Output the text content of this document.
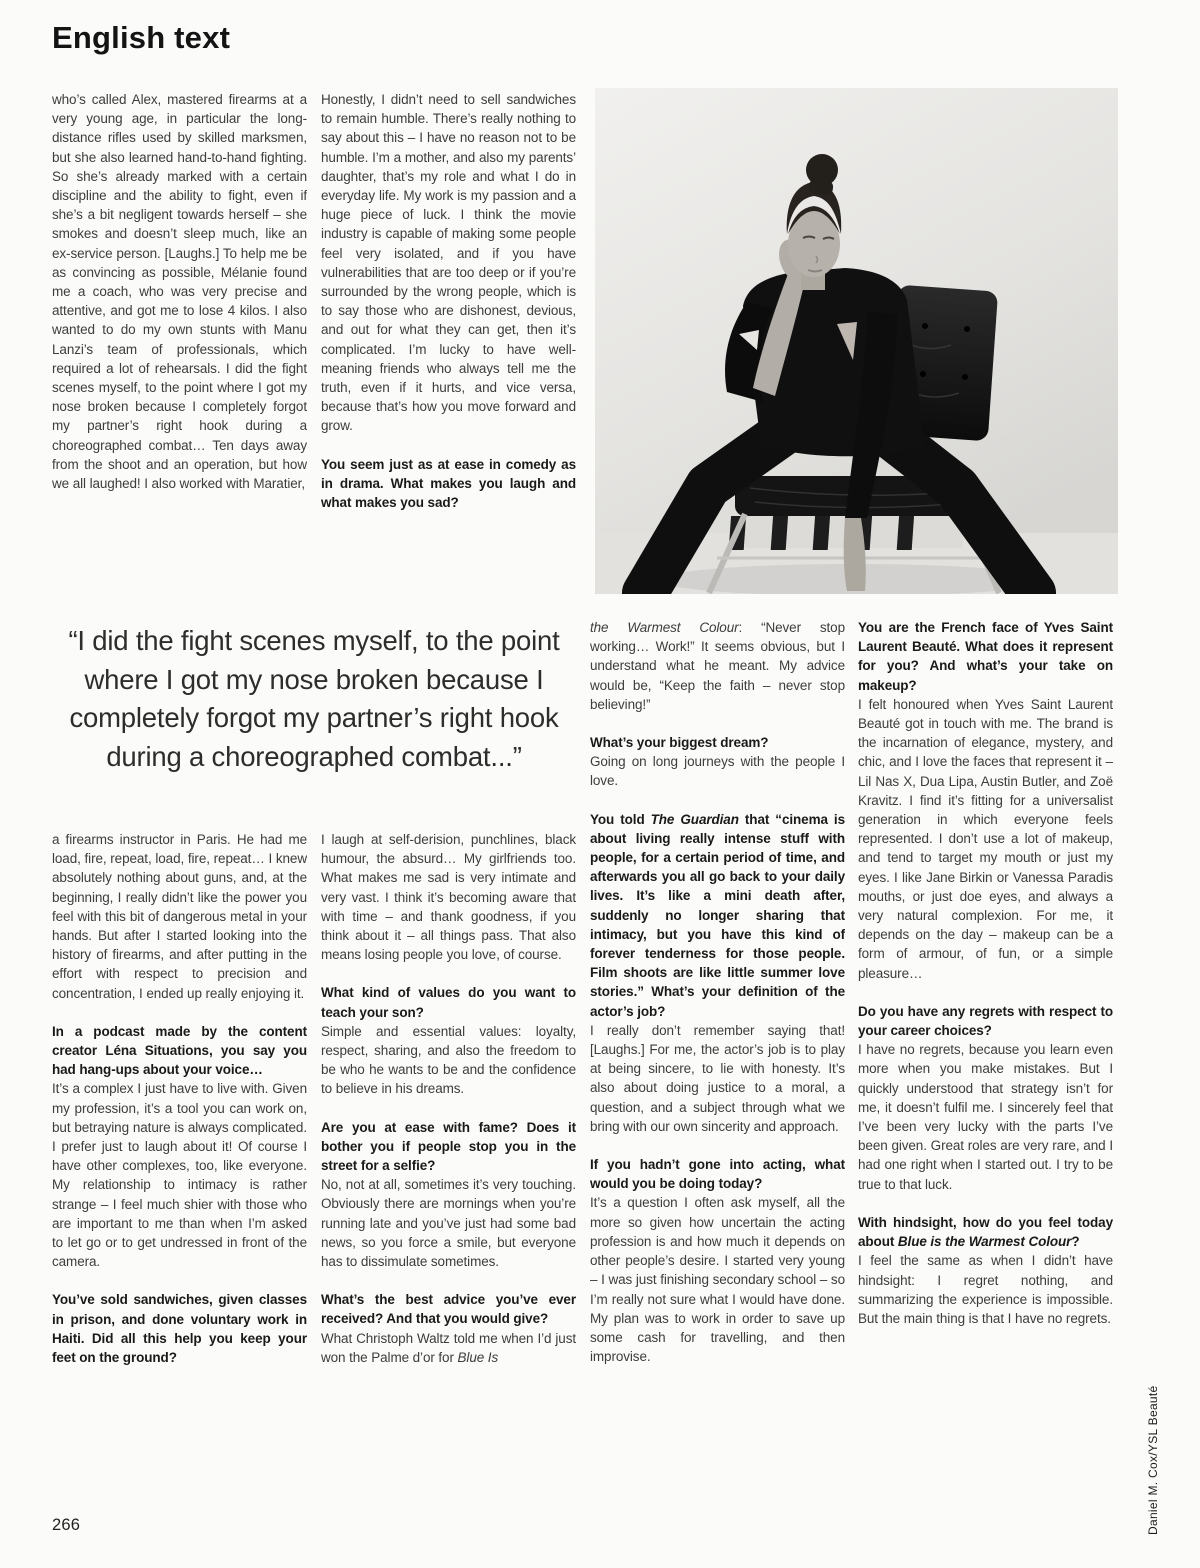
English text

who’s called Alex, mastered firearms at a very young age, in particular the long-distance rifles used by skilled marksmen, but she also learned hand-to-hand fighting. So she’s already marked with a certain discipline and the ability to fight, even if she’s a bit negligent towards herself – she smokes and doesn’t sleep much, like an ex-service person. [Laughs.] To help me be as convincing as possible, Mélanie found me a coach, who was very precise and attentive, and got me to lose 4 kilos. I also wanted to do my own stunts with Manu Lanzi’s team of professionals, which required a lot of rehearsals. I did the fight scenes myself, to the point where I got my nose broken because I completely forgot my partner’s right hook during a choreographed combat… Ten days away from the shoot and an operation, but how we all laughed! I also worked with Maratier,

Honestly, I didn’t need to sell sandwiches to remain humble. There’s really nothing to say about this – I have no reason not to be humble. I’m a mother, and also my parents’ daughter, that’s my role and what I do in everyday life. My work is my passion and a huge piece of luck. I think the movie industry is capable of making some people feel very isolated, and if you have vulnerabilities that are too deep or if you’re surrounded by the wrong people, which is to say those who are dishonest, devious, and out for what they can get, then it’s complicated. I’m lucky to have well-meaning friends who always tell me the truth, even if it hurts, and vice versa, because that’s how you move forward and grow.

You seem just as at ease in comedy as in drama. What makes you laugh and what makes you sad?

“I did the fight scenes myself, to the point where I got my nose broken because I completely forgot my partner’s right hook during a choreographed combat...”

a firearms instructor in Paris. He had me load, fire, repeat, load, fire, repeat… I knew absolutely nothing about guns, and, at the beginning, I really didn’t like the power you feel with this bit of dangerous metal in your hands. But after I started looking into the history of firearms, and after putting in the effort with respect to precision and concentration, I ended up really enjoying it.

In a podcast made by the content creator Léna Situations, you say you had hang-ups about your voice…

It’s a complex I just have to live with. Given my profession, it’s a tool you can work on, but betraying nature is always complicated. I prefer just to laugh about it! Of course I have other complexes, too, like everyone. My relationship to intimacy is rather strange – I feel much shier with those who are important to me than when I’m asked to let go or to get undressed in front of the camera.

You’ve sold sandwiches, given classes in prison, and done voluntary work in Haiti. Did all this help you keep your feet on the ground?

I laugh at self-derision, punchlines, black humour, the absurd… My girlfriends too. What makes me sad is very intimate and very vast. I think it’s becoming aware that with time – and thank goodness, if you think about it – all things pass. That also means losing people you love, of course.

What kind of values do you want to teach your son?

Simple and essential values: loyalty, respect, sharing, and also the freedom to be who he wants to be and the confidence to believe in his dreams.

Are you at ease with fame? Does it bother you if people stop you in the street for a selfie?

No, not at all, sometimes it’s very touching. Obviously there are mornings when you’re running late and you’ve just had some bad news, so you force a smile, but everyone has to dissimulate sometimes.

What’s the best advice you’ve ever received? And that you would give?

What Christoph Waltz told me when I’d just won the Palme d’or for Blue Is

the Warmest Colour: “Never stop working… Work!” It seems obvious, but I understand what he meant. My advice would be, “Keep the faith – never stop believing!”

What’s your biggest dream?

Going on long journeys with the people I love.

You told The Guardian that “cinema is about living really intense stuff with people, for a certain period of time, and afterwards you all go back to your daily lives. It’s like a mini death after, suddenly no longer sharing that intimacy, but you have this kind of forever tenderness for those people. Film shoots are like little summer love stories.” What’s your definition of the actor’s job?

I really don’t remember saying that! [Laughs.] For me, the actor’s job is to play at being sincere, to lie with honesty. It’s also about doing justice to a moral, a question, and a subject through what we bring with our own sincerity and approach.

If you hadn’t gone into acting, what would you be doing today?

It’s a question I often ask myself, all the more so given how uncertain the acting profession is and how much it depends on other people’s desire. I started very young – I was just finishing secondary school – so I’m really not sure what I would have done. My plan was to work in order to save up some cash for travelling, and then improvise.

You are the French face of Yves Saint Laurent Beauté. What does it represent for you? And what’s your take on makeup?

I felt honoured when Yves Saint Laurent Beauté got in touch with me. The brand is the incarnation of elegance, mystery, and chic, and I love the faces that represent it – Lil Nas X, Dua Lipa, Austin Butler, and Zoë Kravitz. I find it’s fitting for a universalist generation in which everyone feels represented. I don’t use a lot of makeup, and tend to target my mouth or just my eyes. I like Jane Birkin or Vanessa Paradis mouths, or just doe eyes, and always a very natural complexion. For me, it depends on the day – makeup can be a form of armour, of fun, or a simple pleasure…

Do you have any regrets with respect to your career choices?

I have no regrets, because you learn even more when you make mistakes. But I quickly understood that strategy isn’t for me, it doesn’t fulfil me. I sincerely feel that I’ve been very lucky with the parts I’ve been given. Great roles are very rare, and I had one right when I started out. I try to be true to that luck.

With hindsight, how do you feel today about Blue is the Warmest Colour?

I feel the same as when I didn’t have hindsight: I regret nothing, and summarizing the experience is impossible. But the main thing is that I have no regrets.

266	Daniel M. Cox/YSL Beauté
